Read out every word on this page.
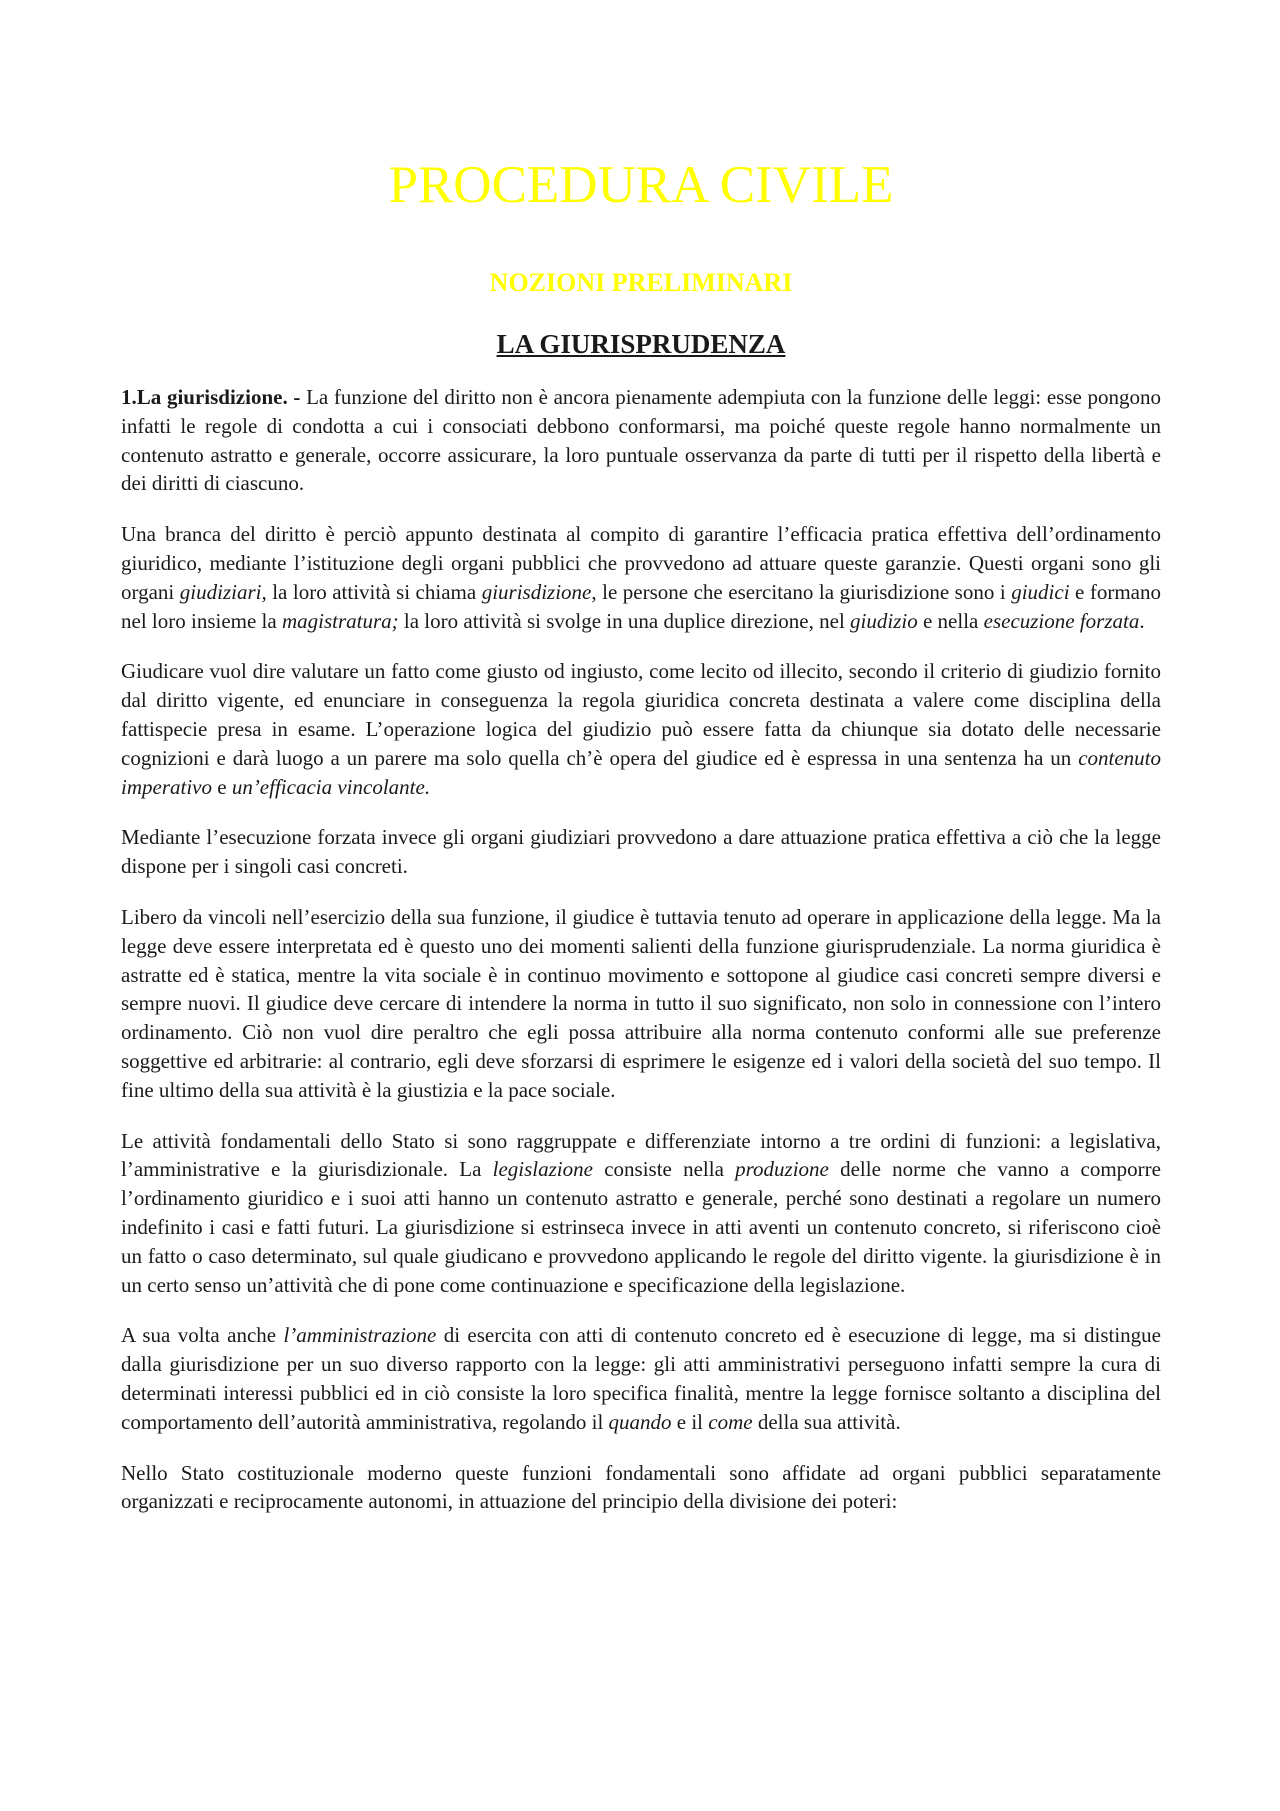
PROCEDURA CIVILE
NOZIONI PRELIMINARI
LA GIURISPRUDENZA

1.La giurisdizione. - La funzione del diritto non è ancora pienamente adempiuta con la funzione delle leggi: esse pongono infatti le regole di condotta a cui i consociati debbono conformarsi, ma poiché queste regole hanno normalmente un contenuto astratto e generale, occorre assicurare, la loro puntuale osservanza da parte di tutti per il rispetto della libertà e dei diritti di ciascuno.

Una branca del diritto è perciò appunto destinata al compito di garantire l’efficacia pratica effettiva dell’ordinamento giuridico, mediante l’istituzione degli organi pubblici che provvedono ad attuare queste garanzie. Questi organi sono gli organi giudiziari, la loro attività si chiama giurisdizione, le persone che esercitano la giurisdizione sono i giudici e formano nel loro insieme la magistratura; la loro attività si svolge in una duplice direzione, nel giudizio e nella esecuzione forzata.

Giudicare vuol dire valutare un fatto come giusto od ingiusto, come lecito od illecito, secondo il criterio di giudizio fornito dal diritto vigente, ed enunciare in conseguenza la regola giuridica concreta destinata a valere come disciplina della fattispecie presa in esame. L’operazione logica del giudizio può essere fatta da chiunque sia dotato delle necessarie cognizioni e darà luogo a un parere ma solo quella ch’è opera del giudice ed è espressa in una sentenza ha un contenuto imperativo e un’efficacia vincolante.

Mediante l’esecuzione forzata invece gli organi giudiziari provvedono a dare attuazione pratica effettiva a ciò che la legge dispone per i singoli casi concreti.

Libero da vincoli nell’esercizio della sua funzione, il giudice è tuttavia tenuto ad operare in applicazione della legge. Ma la legge deve essere interpretata ed è questo uno dei momenti salienti della funzione giurisprudenziale. La norma giuridica è astratte ed è statica, mentre la vita sociale è in continuo movimento e sottopone al giudice casi concreti sempre diversi e sempre nuovi. Il giudice deve cercare di intendere la norma in tutto il suo significato, non solo in connessione con l’intero ordinamento. Ciò non vuol dire peraltro che egli possa attribuire alla norma contenuto conformi alle sue preferenze soggettive ed arbitrarie: al contrario, egli deve sforzarsi di esprimere le esigenze ed i valori della società del suo tempo. Il fine ultimo della sua attività è la giustizia e la pace sociale.

Le attività fondamentali dello Stato si sono raggruppate e differenziate intorno a tre ordini di funzioni: a legislativa, l’amministrative e la giurisdizionale. La legislazione consiste nella produzione delle norme che vanno a comporre l’ordinamento giuridico e i suoi atti hanno un contenuto astratto e generale, perché sono destinati a regolare un numero indefinito i casi e fatti futuri. La giurisdizione si estrinseca invece in atti aventi un contenuto concreto, si riferiscono cioè un fatto o caso determinato, sul quale giudicano e provvedono applicando le regole del diritto vigente. la giurisdizione è in un certo senso un’attività che di pone come continuazione e specificazione della legislazione.

A sua volta anche l’amministrazione di esercita con atti di contenuto concreto ed è esecuzione di legge, ma si distingue dalla giurisdizione per un suo diverso rapporto con la legge: gli atti amministrativi perseguono infatti sempre la cura di determinati interessi pubblici ed in ciò consiste la loro specifica finalità, mentre la legge fornisce soltanto a disciplina del comportamento dell’autorità amministrativa, regolando il quando e il come della sua attività.

Nello Stato costituzionale moderno queste funzioni fondamentali sono affidate ad organi pubblici separatamente organizzati e reciprocamente autonomi, in attuazione del principio della divisione dei poteri:
